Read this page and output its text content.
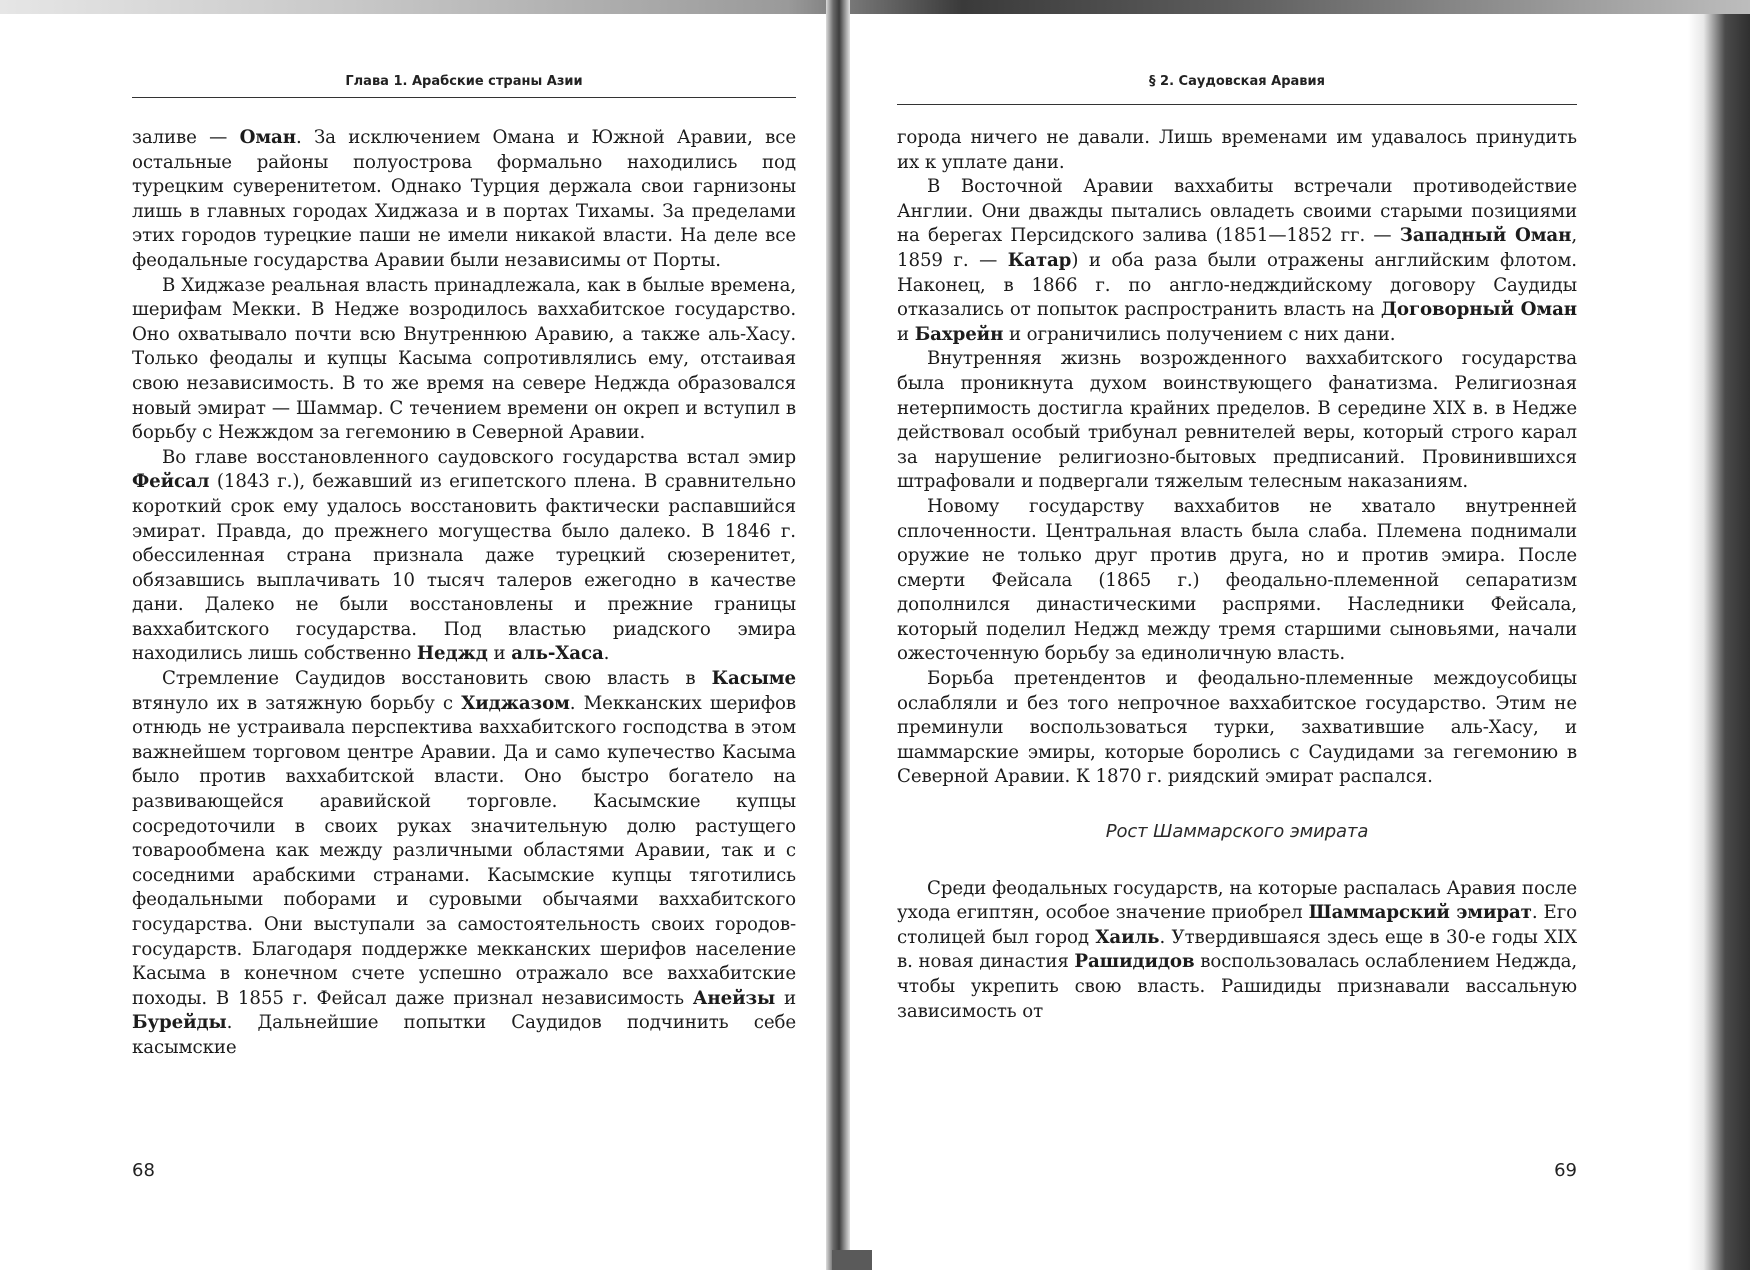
Глава 1. Арабские страны Азии

заливе — Оман. За исключением Омана и Южной Аравии, все остальные районы полуострова формально находились под турецким суверенитетом. Однако Турция держала свои гарнизоны лишь в главных городах Хиджаза и в портах Тихамы. За пределами этих городов турецкие паши не имели никакой власти. На деле все феодальные государства Аравии были независимы от Порты.

В Хиджазе реальная власть принадлежала, как в былые времена, шерифам Мекки. В Недже возродилось ваххабитское государство. Оно охватывало почти всю Внутреннюю Аравию, а также аль-Хасу. Только феодалы и купцы Касыма сопротивлялись ему, отстаивая свою независимость. В то же время на севере Неджда образовался новый эмират — Шаммар. С течением времени он окреп и вступил в борьбу с Нежждом за гегемонию в Северной Аравии.

Во главе восстановленного саудовского государства встал эмир Фейсал (1843 г.), бежавший из египетского плена. В сравнительно короткий срок ему удалось восстановить фактически распавшийся эмират. Правда, до прежнего могущества было далеко. В 1846 г. обессиленная страна признала даже турецкий сюзеренитет, обязавшись выплачивать 10 тысяч талеров ежегодно в качестве дани. Далеко не были восстановлены и прежние границы ваххабитского государства. Под властью риадского эмира находились лишь собственно Неджд и аль-Хаса.

Стремление Саудидов восстановить свою власть в Касыме втянуло их в затяжную борьбу с Хиджазом. Мекканских шерифов отнюдь не устраивала перспектива ваххабитского господства в этом важнейшем торговом центре Аравии. Да и само купечество Касыма было против ваххабитской власти. Оно быстро богатело на развивающейся аравийской торговле. Касымские купцы сосредоточили в своих руках значительную долю растущего товарообмена как между различными областями Аравии, так и с соседними арабскими странами. Касымские купцы тяготились феодальными поборами и суровыми обычаями ваххабитского государства. Они выступали за самостоятельность своих городов-государств. Благодаря поддержке мекканских шерифов население Касыма в конечном счете успешно отражало все ваххабитские походы. В 1855 г. Фейсал даже признал независимость Анейзы и Бурейды. Дальнейшие попытки Саудидов подчинить себе касымские

68
§ 2. Саудовская Аравия

города ничего не давали. Лишь временами им удавалось принудить их к уплате дани.

В Восточной Аравии ваххабиты встречали противодействие Англии. Они дважды пытались овладеть своими старыми позициями на берегах Персидского залива (1851—1852 гг. — Западный Оман, 1859 г. — Катар) и оба раза были отражены английским флотом. Наконец, в 1866 г. по англо-недждийскому договору Саудиды отказались от попыток распространить власть на Договорный Оман и Бахрейн и ограничились получением с них дани.

Внутренняя жизнь возрожденного ваххабитского государства была проникнута духом воинствующего фанатизма. Религиозная нетерпимость достигла крайних пределов. В середине XIX в. в Недже действовал особый трибунал ревнителей веры, который строго карал за нарушение религиозно-бытовых предписаний. Провинившихся штрафовали и подвергали тяжелым телесным наказаниям.

Новому государству ваххабитов не хватало внутренней сплоченности. Центральная власть была слаба. Племена поднимали оружие не только друг против друга, но и против эмира. После смерти Фейсала (1865 г.) феодально-племенной сепаратизм дополнился династическими распрями. Наследники Фейсала, который поделил Неджд между тремя старшими сыновьями, начали ожесточенную борьбу за единоличную власть.

Борьба претендентов и феодально-племенные междоусобицы ослабляли и без того непрочное ваххабитское государство. Этим не преминули воспользоваться турки, захватившие аль-Хасу, и шаммарские эмиры, которые боролись с Саудидами за гегемонию в Северной Аравии. К 1870 г. риядский эмират распался.

Рост Шаммарского эмирата

Среди феодальных государств, на которые распалась Аравия после ухода египтян, особое значение приобрел Шаммарский эмират. Его столицей был город Хаиль. Утвердившаяся здесь еще в 30-е годы XIX в. новая династия Рашидидов воспользовалась ослаблением Неджда, чтобы укрепить свою власть. Рашидиды признавали вассальную зависимость от

69
